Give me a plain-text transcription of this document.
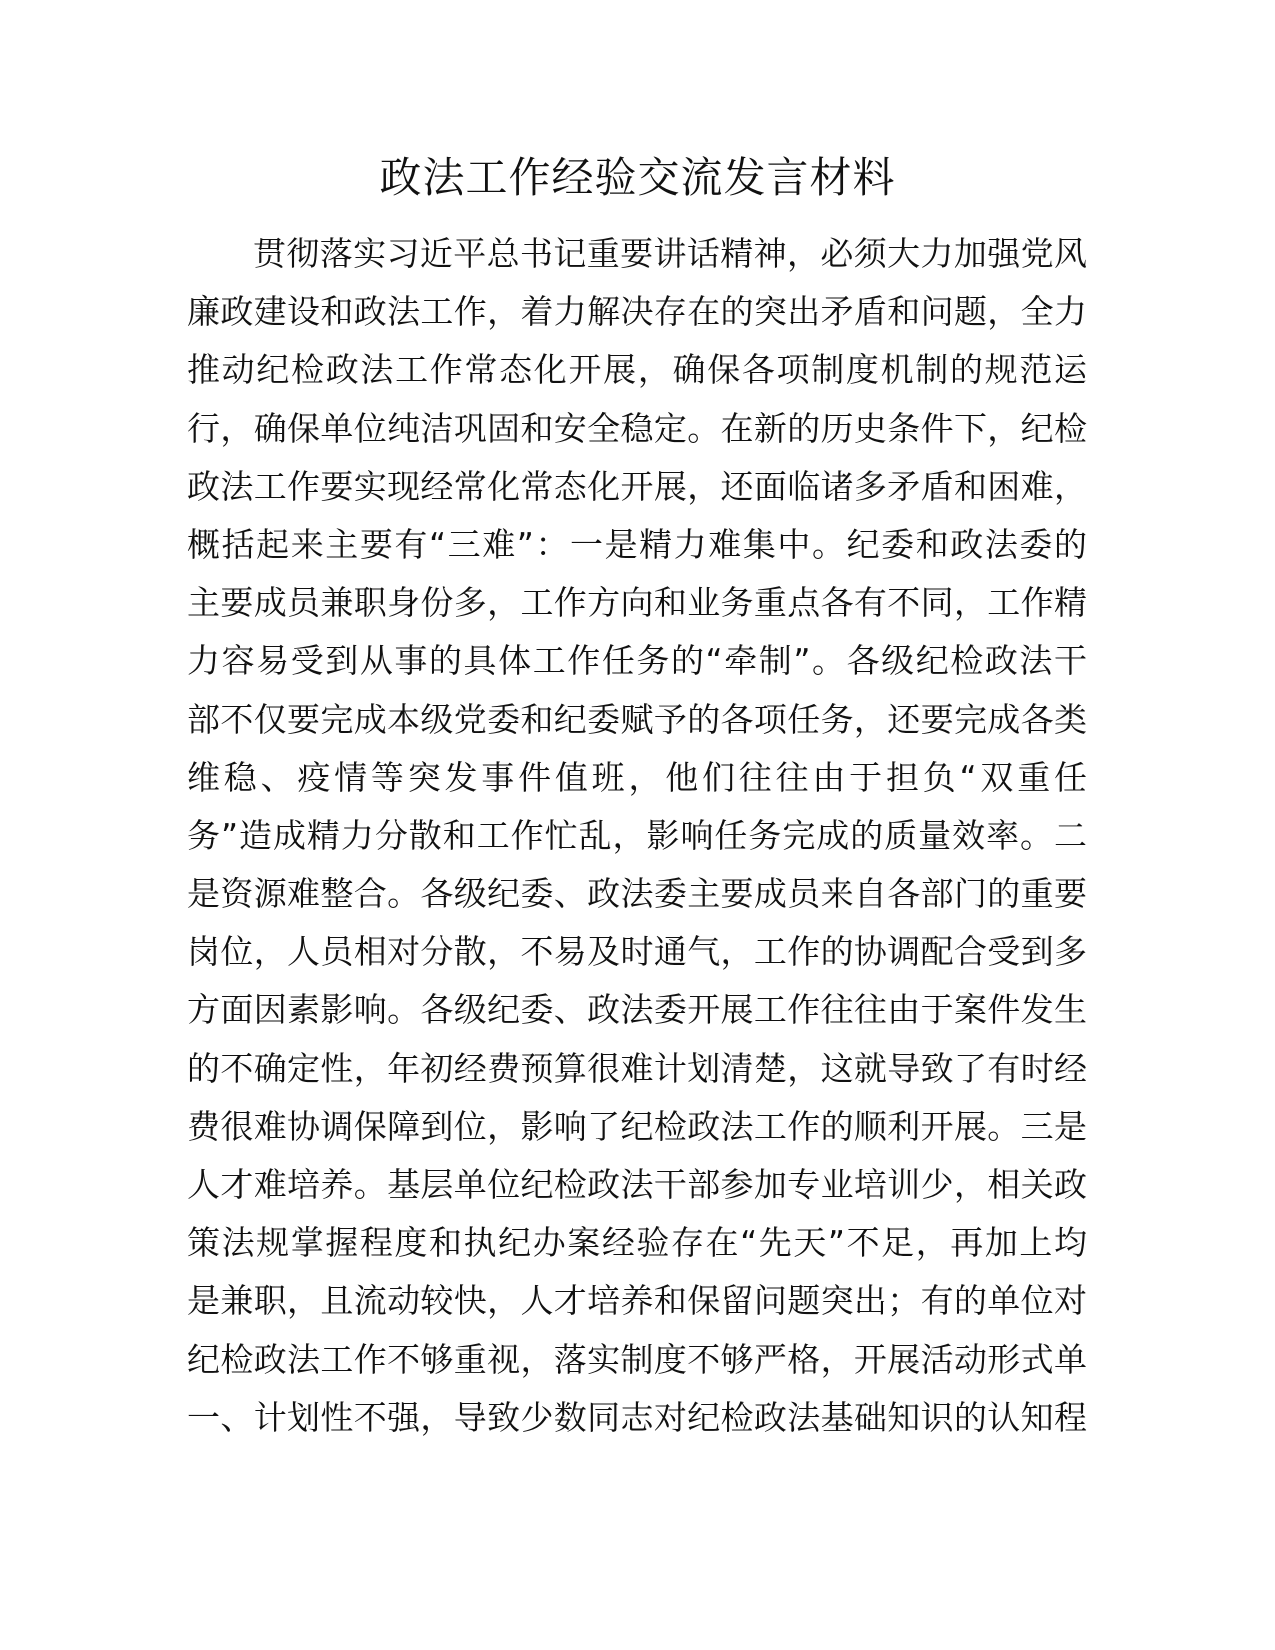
政法工作经验交流发言材料
贯彻落实习近平总书记重要讲话精神，必须大力加强党风
廉政建设和政法工作，着力解决存在的突出矛盾和问题，全力
推动纪检政法工作常态化开展，确保各项制度机制的规范运
行，确保单位纯洁巩固和安全稳定。在新的历史条件下，纪检
政法工作要实现经常化常态化开展，还面临诸多矛盾和困难，
概括起来主要有“三难”：一是精力难集中。纪委和政法委的
主要成员兼职身份多，工作方向和业务重点各有不同，工作精
力容易受到从事的具体工作任务的“牵制”。各级纪检政法干
部不仅要完成本级党委和纪委赋予的各项任务，还要完成各类
维稳、疫情等突发事件值班，他们往往由于担负“双重任
务”造成精力分散和工作忙乱，影响任务完成的质量效率。二
是资源难整合。各级纪委、政法委主要成员来自各部门的重要
岗位，人员相对分散，不易及时通气，工作的协调配合受到多
方面因素影响。各级纪委、政法委开展工作往往由于案件发生
的不确定性，年初经费预算很难计划清楚，这就导致了有时经
费很难协调保障到位，影响了纪检政法工作的顺利开展。三是
人才难培养。基层单位纪检政法干部参加专业培训少，相关政
策法规掌握程度和执纪办案经验存在“先天”不足，再加上均
是兼职，且流动较快，人才培养和保留问题突出；有的单位对
纪检政法工作不够重视，落实制度不够严格，开展活动形式单
一、计划性不强，导致少数同志对纪检政法基础知识的认知程
